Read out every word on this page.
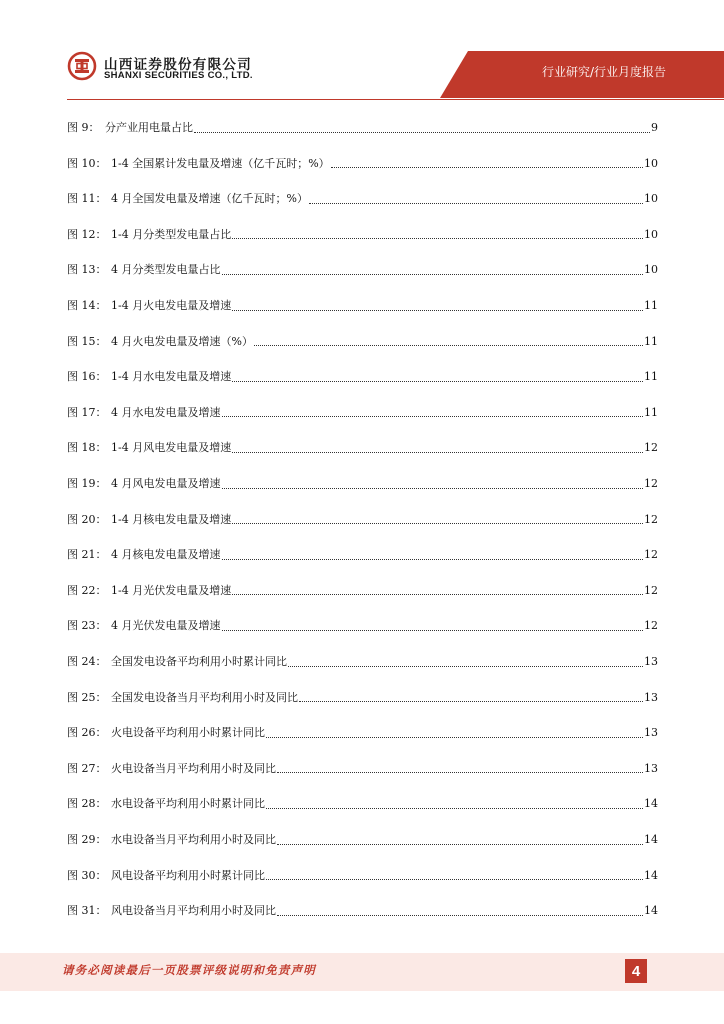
山西证券股份有限公司
SHANXI SECURITIES CO., LTD.	行业研究/行业月度报告
图 9： 分产业用电量占比	9
图 10： 1-4 全国累计发电量及增速（亿千瓦时；%）	10
图 11： 4 月全国发电量及增速（亿千瓦时；%）	10
图 12： 1-4 月分类型发电量占比	10
图 13： 4 月分类型发电量占比	10
图 14： 1-4 月火电发电量及增速	11
图 15： 4 月火电发电量及增速（%）	11
图 16： 1-4 月水电发电量及增速	11
图 17： 4 月水电发电量及增速	11
图 18： 1-4 月风电发电量及增速	12
图 19： 4 月风电发电量及增速	12
图 20： 1-4 月核电发电量及增速	12
图 21： 4 月核电发电量及增速	12
图 22： 1-4 月光伏发电量及增速	12
图 23： 4 月光伏发电量及增速	12
图 24： 全国发电设备平均利用小时累计同比	13
图 25： 全国发电设备当月平均利用小时及同比	13
图 26： 火电设备平均利用小时累计同比	13
图 27： 火电设备当月平均利用小时及同比	13
图 28： 水电设备平均利用小时累计同比	14
图 29： 水电设备当月平均利用小时及同比	14
图 30： 风电设备平均利用小时累计同比	14
图 31： 风电设备当月平均利用小时及同比	14
请务必阅读最后一页股票评级说明和免责声明	4
